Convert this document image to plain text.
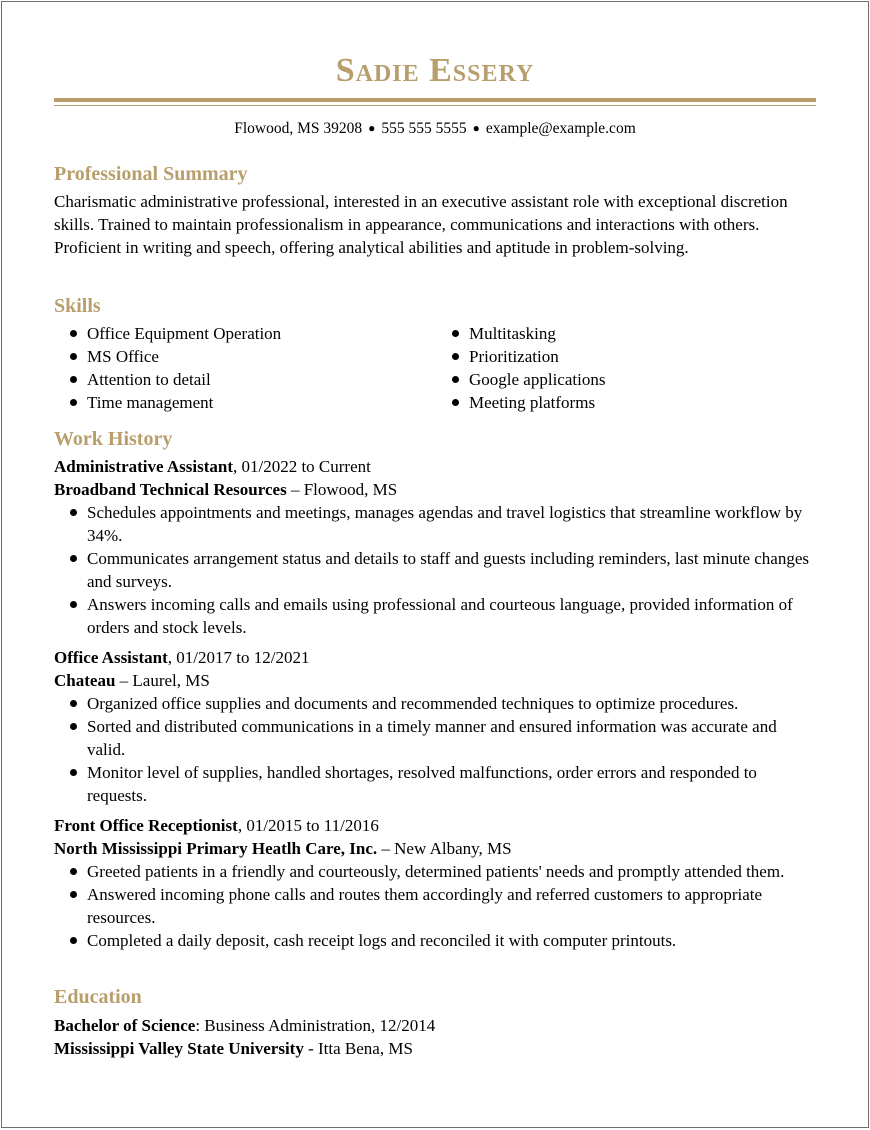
Sadie Essery
Flowood, MS 39208 ● 555 555 5555 ● example@example.com
Professional Summary

Charismatic administrative professional, interested in an executive assistant role with exceptional discretion skills. Trained to maintain professionalism in appearance, communications and interactions with others. Proficient in writing and speech, offering analytical abilities and aptitude in problem-solving.

Skills
Office Equipment Operation
MS Office
Attention to detail
Time management
Multitasking
Prioritization
Google applications
Meeting platforms
Work History

Administrative Assistant, 01/2022 to Current

Broadband Technical Resources – Flowood, MS

Schedules appointments and meetings, manages agendas and travel logistics that streamline workflow by 34%.
Communicates arrangement status and details to staff and guests including reminders, last minute changes and surveys.
Answers incoming calls and emails using professional and courteous language, provided information of orders and stock levels.

Office Assistant, 01/2017 to 12/2021

Chateau – Laurel, MS

Organized office supplies and documents and recommended techniques to optimize procedures.
Sorted and distributed communications in a timely manner and ensured information was accurate and valid.
Monitor level of supplies, handled shortages, resolved malfunctions, order errors and responded to requests.

Front Office Receptionist, 01/2015 to 11/2016

North Mississippi Primary Heatlh Care, Inc. – New Albany, MS

Greeted patients in a friendly and courteously, determined patients' needs and promptly attended them.
Answered incoming phone calls and routes them accordingly and referred customers to appropriate resources.
Completed a daily deposit, cash receipt logs and reconciled it with computer printouts.
Education

Bachelor of Science: Business Administration, 12/2014

Mississippi Valley State University - Itta Bena, MS
